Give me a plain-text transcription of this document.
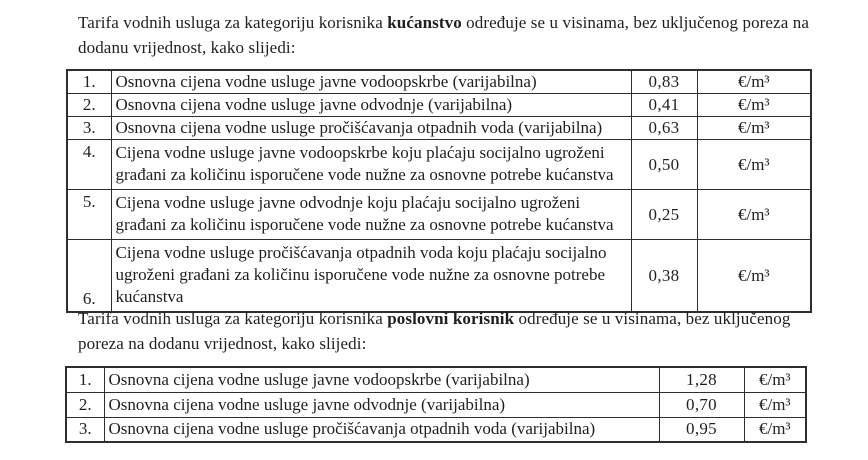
Tarifa vodnih usluga za kategoriju korisnika kućanstvo određuje se u visinama, bez uključenog poreza na dodanu vrijednost, kako slijedi:

1.	Osnovna cijena vodne usluge javne vodoopskrbe (varijabilna)	0,83	€/m³
2.	Osnovna cijena vodne usluge javne odvodnje (varijabilna)	0,41	€/m³
3.	Osnovna cijena vodne usluge pročišćavanja otpadnih voda (varijabilna)	0,63	€/m³
4.	Cijena vodne usluge javne vodoopskrbe koju plaćaju socijalno ugroženi građani za količinu isporučene vode nužne za osnovne potrebe kućanstva	0,50	€/m³
5.	Cijena vodne usluge javne odvodnje koju plaćaju socijalno ugroženi građani za količinu isporučene vode nužne za osnovne potrebe kućanstva	0,25	€/m³
6.	Cijena vodne usluge pročišćavanja otpadnih voda koju plaćaju socijalno ugroženi građani za količinu isporučene vode nužne za osnovne potrebe kućanstva	0,38	€/m³

Tarifa vodnih usluga za kategoriju korisnika poslovni korisnik određuje se u visinama, bez uključenog poreza na dodanu vrijednost, kako slijedi:

1.	Osnovna cijena vodne usluge javne vodoopskrbe (varijabilna)	1,28	€/m³
2.	Osnovna cijena vodne usluge javne odvodnje (varijabilna)	0,70	€/m³
3.	Osnovna cijena vodne usluge pročišćavanja otpadnih voda (varijabilna)	0,95	€/m³
